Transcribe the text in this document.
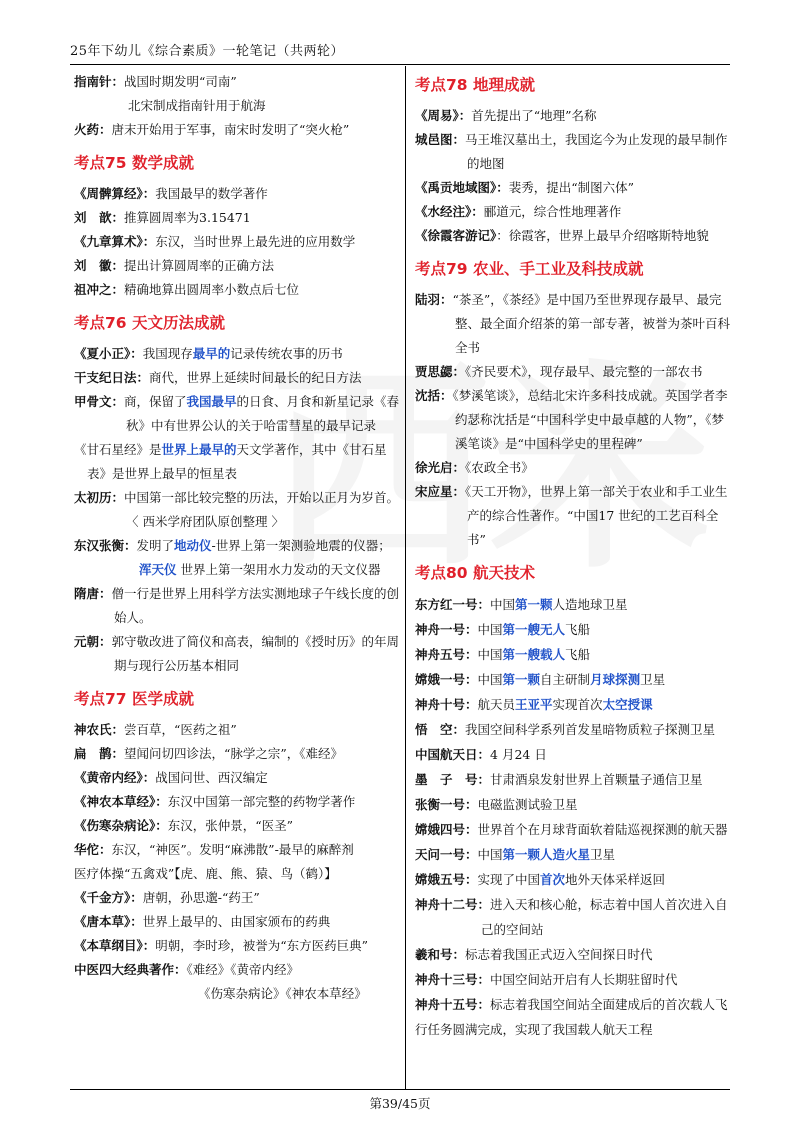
25年下幼儿《综合素质》一轮笔记（共两轮）
指南针：战国时期发明“司南”
北宋制成指南针用于航海
火药：唐末开始用于军事，南宋时发明了“突火枪”
考点75 数学成就
《周髀算经》：我国最早的数学著作
刘　歆：推算圆周率为3.15471
《九章算术》：东汉，当时世界上最先进的应用数学
刘　徽：提出计算圆周率的正确方法
祖冲之：精确地算出圆周率小数点后七位
考点76 天文历法成就
《夏小正》：我国现存最早的记录传统农事的历书
干支纪日法：商代，世界上延续时间最长的纪日方法
甲骨文：商，保留了我国最早的日食、月食和新星记录《春秋》中有世界公认的关于哈雷彗星的最早记录
《甘石星经》是世界上最早的天文学著作，其中《甘石星表》是世界上最早的恒星表
太初历：中国第一部比较完整的历法，开始以正月为岁首。〈 西米学府团队原创整理 〉
东汉张衡：发明了地动仪-世界上第一架测验地震的仪器；浑天仪 世界上第一架用水力发动的天文仪器
隋唐：僧一行是世界上用科学方法实测地球子午线长度的创始人。
元朝：郭守敬改进了简仪和高表，编制的《授时历》的年周期与现行公历基本相同
考点77 医学成就
神农氏：尝百草，“医药之祖”
扁　鹊：望闻问切四诊法，“脉学之宗”，《难经》
《黄帝内经》：战国问世、西汉编定
《神农本草经》：东汉中国第一部完整的药物学著作
《伤寒杂病论》：东汉，张仲景，“医圣”
华佗：东汉，“神医”。发明“麻沸散”-最早的麻醉剂
医疗体操“五禽戏”【虎、鹿、熊、猿、鸟（鹤）】
《千金方》：唐朝，孙思邈-“药王”
《唐本草》：世界上最早的、由国家颁布的药典
《本草纲目》：明朝，李时珍，被誉为“东方医药巨典”
中医四大经典著作：《难经》《黄帝内经》
《伤寒杂病论》《神农本草经》
考点78 地理成就
《周易》：首先提出了“地理”名称
城邑图：马王堆汉墓出土，我国迄今为止发现的最早制作的地图
《禹贡地域图》：裴秀，提出“制图六体”
《水经注》：郦道元，综合性地理著作
《徐霞客游记》：徐霞客，世界上最早介绍喀斯特地貌
考点79 农业、手工业及科技成就
陆羽：“茶圣”，《茶经》是中国乃至世界现存最早、最完整、最全面介绍茶的第一部专著，被誉为茶叶百科全书
贾思勰：《齐民要术》，现存最早、最完整的一部农书
沈括：《梦溪笔谈》，总结北宋许多科技成就。英国学者李约瑟称沈括是“中国科学史中最卓越的人物”，《梦溪笔谈》是“中国科学史的里程碑”
徐光启：《农政全书》
宋应星：《天工开物》，世界上第一部关于农业和手工业生产的综合性著作。“中国17 世纪的工艺百科全书”
考点80 航天技术
东方红一号：中国第一颗人造地球卫星
神舟一号：中国第一艘无人飞船
神舟五号：中国第一艘载人飞船
嫦娥一号：中国第一颗自主研制月球探测卫星
神舟十号：航天员王亚平实现首次太空授课
悟　空：我国空间科学系列首发星暗物质粒子探测卫星
中国航天日：4 月24 日
墨　子　号：甘肃酒泉发射世界上首颗量子通信卫星
张衡一号：电磁监测试验卫星
嫦娥四号：世界首个在月球背面软着陆巡视探测的航天器
天问一号：中国第一颗人造火星卫星
嫦娥五号：实现了中国首次地外天体采样返回
神舟十二号：进入天和核心舱，标志着中国人首次进入自己的空间站
羲和号：标志着我国正式迈入空间探日时代
神舟十三号：中国空间站开启有人长期驻留时代
神舟十五号：标志着我国空间站全面建成后的首次载人飞行任务圆满完成，实现了我国载人航天工程
第39/45页
